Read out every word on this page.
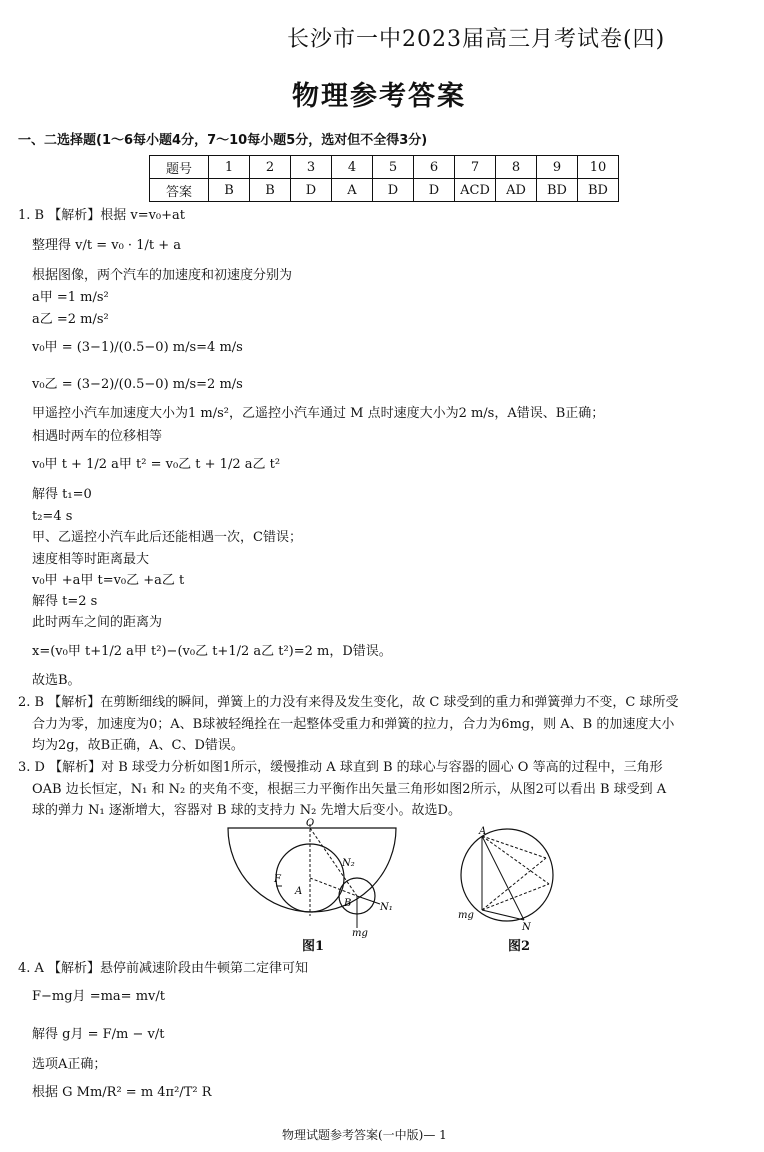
长沙市一中2023届高三月考试卷(四)
物理参考答案
一、二选择题(1～6每小题4分，7～10每小题5分，选对但不全得3分)
题号	1	2	3	4	5	6	7	8	9	10
答案	B	B	D	A	D	D	ACD	AD	BD	BD
1. B 【解析】根据 v=v₀+at
整理得 v/t = v₀ · 1/t + a
根据图像，两个汽车的加速度和初速度分别为
a甲 =1 m/s²
a乙 =2 m/s²
v₀甲 = (3−1)/(0.5−0) m/s=4 m/s
v₀乙 = (3−2)/(0.5−0) m/s=2 m/s
甲遥控小汽车加速度大小为1 m/s²，乙遥控小汽车通过 M 点时速度大小为2 m/s，A错误、B正确；
相遇时两车的位移相等
v₀甲 t + 1/2 a甲 t² = v₀乙 t + 1/2 a乙 t²
解得 t₁=0
t₂=4 s
甲、乙遥控小汽车此后还能相遇一次，C错误；
速度相等时距离最大
v₀甲 +a甲 t=v₀乙 +a乙 t
解得 t=2 s
此时两车之间的距离为
x=(v₀甲 t+1/2 a甲 t²)−(v₀乙 t+1/2 a乙 t²)=2 m，D错误。
故选B。
2. B 【解析】在剪断细线的瞬间，弹簧上的力没有来得及发生变化，故 C 球受到的重力和弹簧弹力不变，C 球所受
合力为零，加速度为0；A、B球被轻绳拴在一起整体受重力和弹簧的拉力，合力为6mg，则 A、B 的加速度大小
均为2g，故B正确，A、C、D错误。
3. D 【解析】对 B 球受力分析如图1所示，缓慢推动 A 球直到 B 的球心与容器的圆心 O 等高的过程中，三角形
OAB 边长恒定，N₁ 和 N₂ 的夹角不变，根据三力平衡作出矢量三角形如图2所示，从图2可以看出 B 球受到 A
球的弹力 N₁ 逐渐增大，容器对 B 球的支持力 N₂ 先增大后变小。故选D。
O
A
B
F
N₂
N₁
mg
图1
A
mg
N
图2
4. A 【解析】悬停前减速阶段由牛顿第二定律可知
F−mg月 =ma= mv/t
解得 g月 = F/m − v/t
选项A正确；
根据 G Mm/R² = m 4π²/T² R
物理试题参考答案(一中版)— 1
